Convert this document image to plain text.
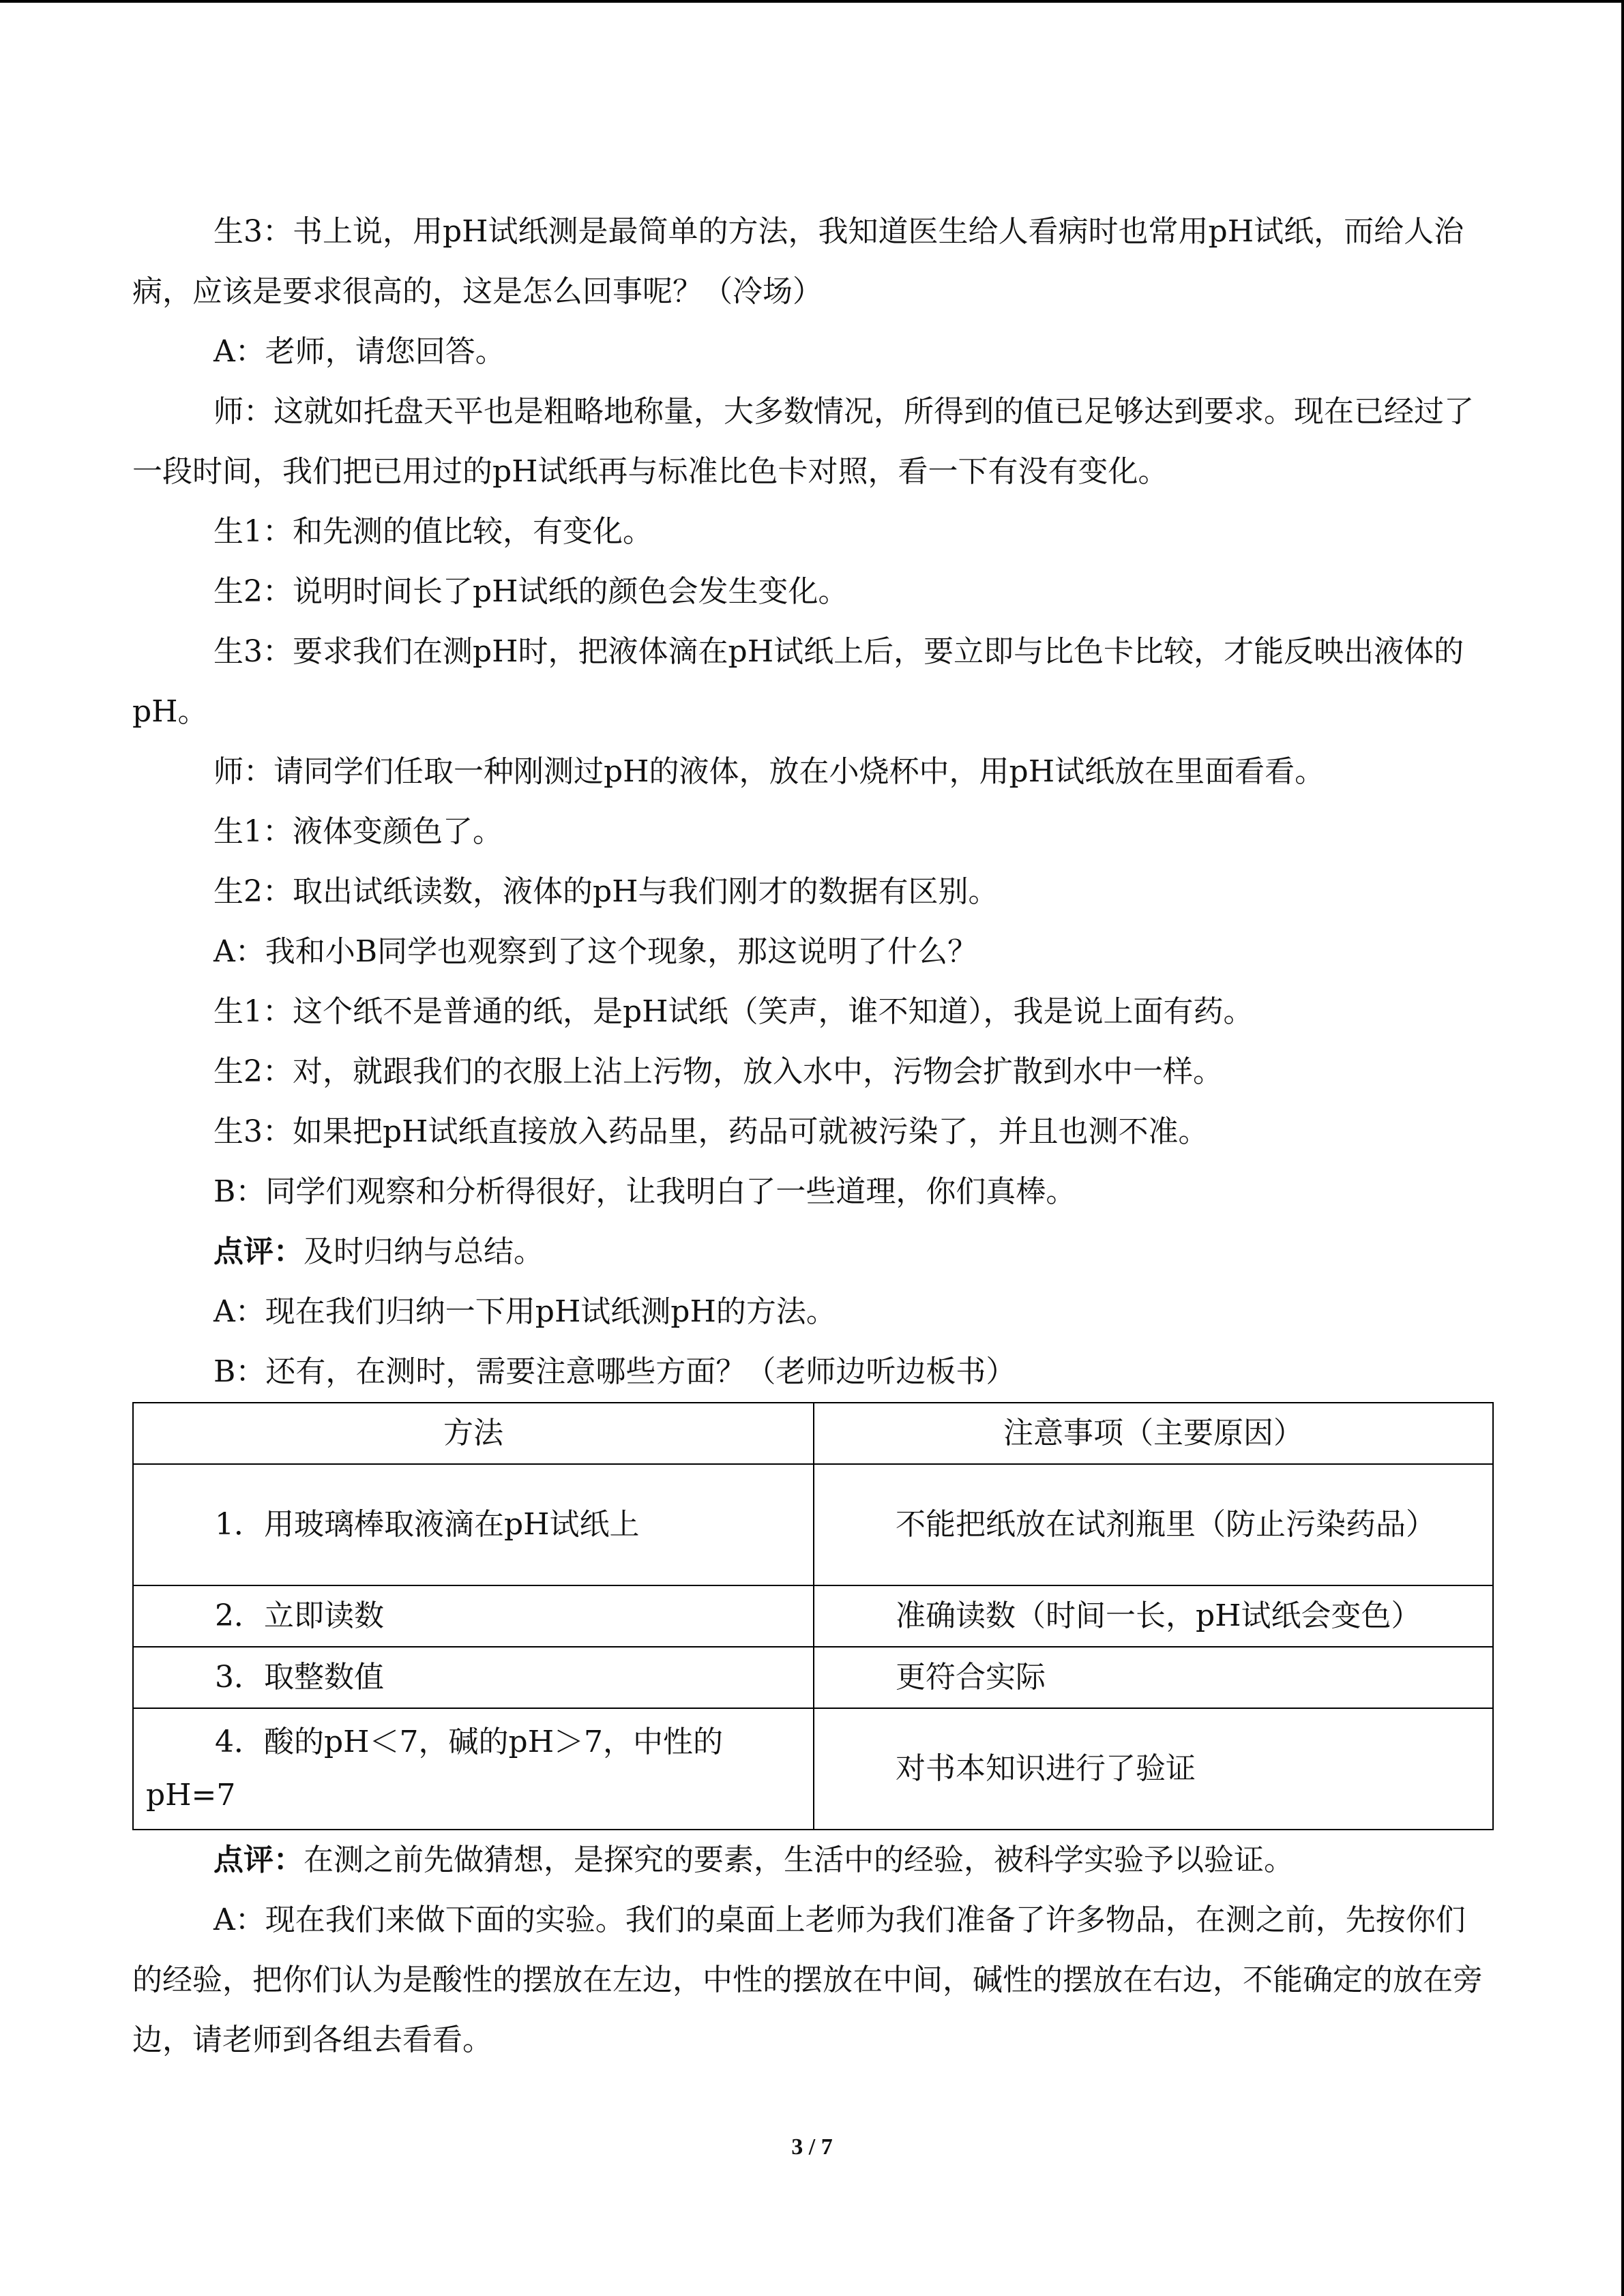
生3：书上说，用pH试纸测是最简单的方法，我知道医生给人看病时也常用pH试纸，而给人治病，应该是要求很高的，这是怎么回事呢？（冷场）

A：老师，请您回答。

师：这就如托盘天平也是粗略地称量，大多数情况，所得到的值已足够达到要求。现在已经过了一段时间，我们把已用过的pH试纸再与标准比色卡对照，看一下有没有变化。

生1：和先测的值比较，有变化。

生2：说明时间长了pH试纸的颜色会发生变化。

生3：要求我们在测pH时，把液体滴在pH试纸上后，要立即与比色卡比较，才能反映出液体的pH。

师：请同学们任取一种刚测过pH的液体，放在小烧杯中，用pH试纸放在里面看看。

生1：液体变颜色了。

生2：取出试纸读数，液体的pH与我们刚才的数据有区别。

A：我和小B同学也观察到了这个现象，那这说明了什么？

生1：这个纸不是普通的纸，是pH试纸（笑声，谁不知道），我是说上面有药。

生2：对，就跟我们的衣服上沾上污物，放入水中，污物会扩散到水中一样。

生3：如果把pH试纸直接放入药品里，药品可就被污染了，并且也测不准。

B：同学们观察和分析得很好，让我明白了一些道理，你们真棒。

点评：及时归纳与总结。

A：现在我们归纳一下用pH试纸测pH的方法。

B：还有，在测时，需要注意哪些方面？（老师边听边板书）

方法	注意事项（主要原因）
1．用玻璃棒取液滴在pH试纸上	不能把纸放在试剂瓶里（防止污染药品）
2．立即读数	准确读数（时间一长，pH试纸会变色）
3．取整数值	更符合实际
4．酸的pH＜7，碱的pH＞7，中性的pH=7	对书本知识进行了验证

点评：在测之前先做猜想，是探究的要素，生活中的经验，被科学实验予以验证。

A：现在我们来做下面的实验。我们的桌面上老师为我们准备了许多物品，在测之前，先按你们的经验，把你们认为是酸性的摆放在左边，中性的摆放在中间，碱性的摆放在右边，不能确定的放在旁边，请老师到各组去看看。

3 / 7
